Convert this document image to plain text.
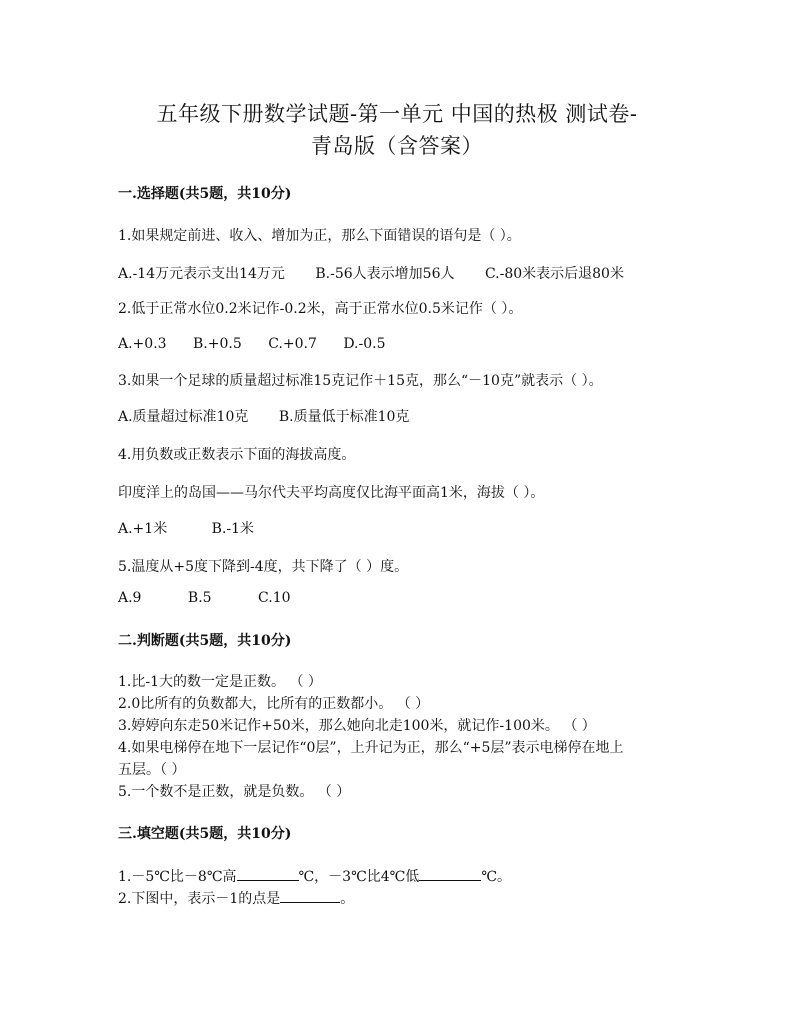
五年级下册数学试题-第一单元 中国的热极 测试卷-
青岛版（含答案）
一.选择题(共5题，共10分)
1.如果规定前进、收入、增加为正，那么下面错误的语句是（ ）。
A.-14万元表示支出14万元 B.-56人表示增加56人 C.-80米表示后退80米
2.低于正常水位0.2米记作-0.2米，高于正常水位0.5米记作（ ）。
A.+0.3 B.+0.5 C.+0.7 D.-0.5
3.如果一个足球的质量超过标准15克记作＋15克，那么“－10克”就表示（ ）。
A.质量超过标准10克 B.质量低于标准10克
4.用负数或正数表示下面的海拔高度。
印度洋上的岛国——马尔代夫平均高度仅比海平面高1米，海拔（ ）。
A.+1米	B.-1米
5.温度从+5度下降到-4度，共下降了（ ）度。
A.9	B.5	C.10
二.判断题(共5题，共10分)
1.比-1大的数一定是正数。 （ ）
2.0比所有的负数都大，比所有的正数都小。 （ ）
3.婷婷向东走50米记作+50米，那么她向北走100米，就记作-100米。 （ ）
4.如果电梯停在地下一层记作“0层”，上升记为正，那么“+5层”表示电梯停在地上
五层。（ ）
5.一个数不是正数，就是负数。 （ ）
三.填空题(共5题，共10分)
1.－5℃比－8℃高	℃，－3℃比4℃低	℃。
2.下图中，表示－1的点是	。
